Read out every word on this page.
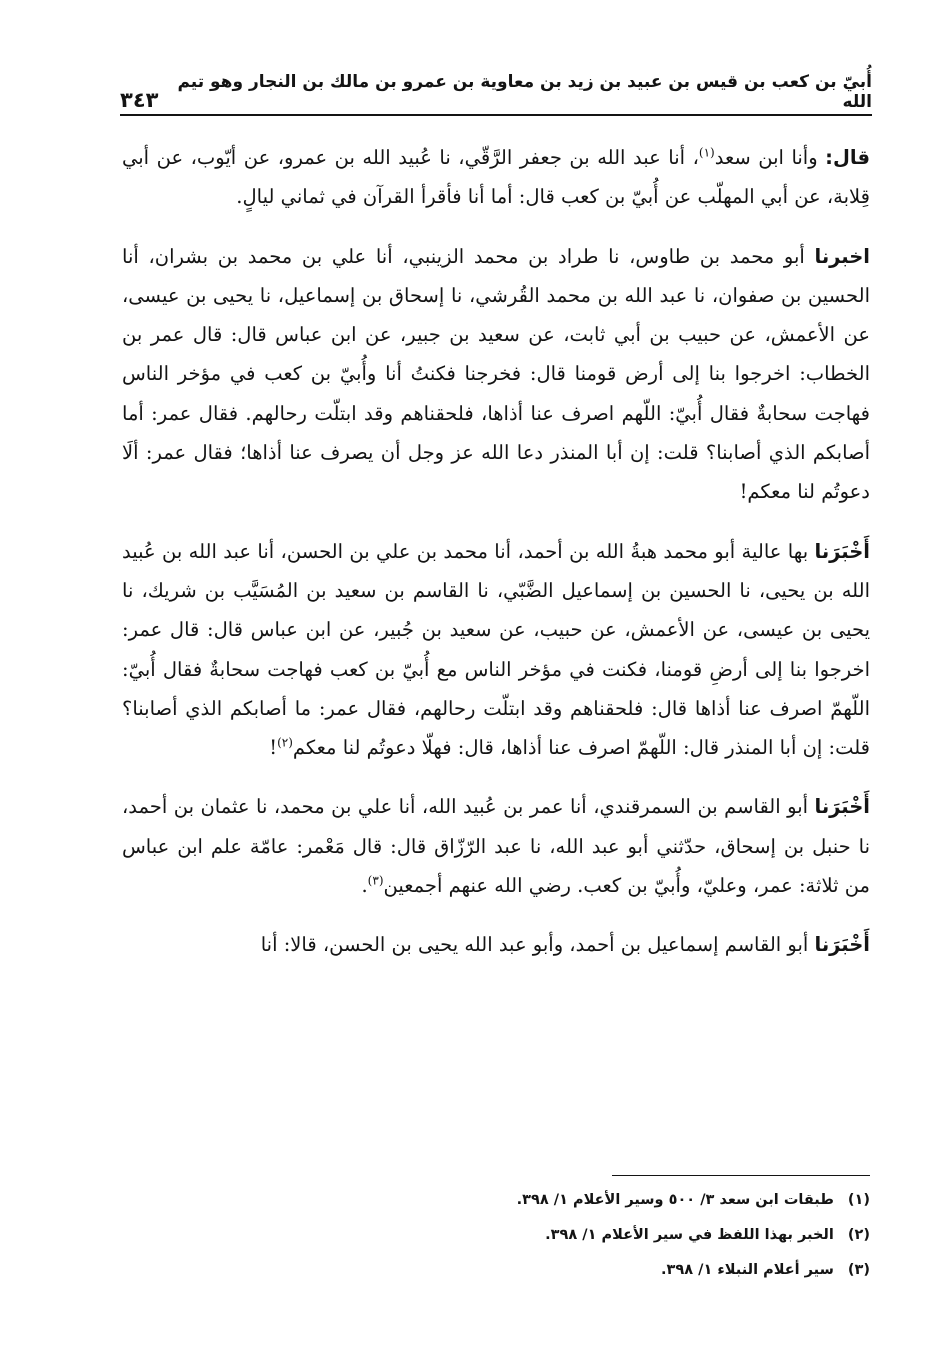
أُبيّ بن كعب بن قيس بن عبيد بن زيد بن معاوية بن عمرو بن مالك بن النجار وهو تيم الله
٣٤٣

قال: وأنا ابن سعد$^{(١)}$، أنا عبد الله بن جعفر الرَّقّي، نا عُبيد الله بن عمرو، عن أيّوب، عن أبي قِلابة، عن أبي المهلّب عن أُبيّ بن كعب قال: أما أنا فأقرأ القرآن في ثماني ليالٍ.

اخبرنا أبو محمد بن طاوس، نا طراد بن محمد الزينبي، أنا علي بن محمد بن بشران، أنا الحسين بن صفوان، نا عبد الله بن محمد القُرشي، نا إسحاق بن إسماعيل، نا يحيى بن عيسى، عن الأعمش، عن حبيب بن أبي ثابت، عن سعيد بن جبير، عن ابن عباس قال: قال عمر بن الخطاب: اخرجوا بنا إلى أرض قومنا قال: فخرجنا فكنتُ أنا وأُبيّ بن كعب في مؤخر الناس فهاجت سحابةٌ فقال أُبيّ: اللّهم اصرف عنا أذاها، فلحقناهم وقد ابتلّت رحالهم. فقال عمر: أما أصابكم الذي أصابنا؟ قلت: إن أبا المنذر دعا الله عز وجل أن يصرف عنا أذاها؛ فقال عمر: ألَا دعوتُم لنا معكم!

أَخْبَرَنا بها عالية أبو محمد هبةُ الله بن أحمد، أنا محمد بن علي بن الحسن، أنا عبد الله بن عُبيد الله بن يحيى، نا الحسين بن إسماعيل الضَّبّي، نا القاسم بن سعيد بن المُسَيَّب بن شريك، نا يحيى بن عيسى، عن الأعمش، عن حبيب، عن سعيد بن جُبير، عن ابن عباس قال: قال عمر: اخرجوا بنا إلى أرضِ قومنا، فكنت في مؤخر الناس مع أُبيّ بن كعب فهاجت سحابةٌ فقال أُبيّ: اللّهمّ اصرف عنا أذاها قال: فلحقناهم وقد ابتلّت رحالهم، فقال عمر: ما أصابكم الذي أصابنا؟ قلت: إن أبا المنذر قال: اللّهمّ اصرف عنا أذاها، قال: فهلّا دعوتُم لنا معكم$^{(٢)}$!

أَخْبَرَنا أبو القاسم بن السمرقندي، أنا عمر بن عُبيد الله، أنا علي بن محمد، نا عثمان بن أحمد، نا حنبل بن إسحاق، حدّثني أبو عبد الله، نا عبد الرّزّاق قال: قال مَعْمر: عامّة علم ابن عباس من ثلاثة: عمر، وعليّ، وأُبيّ بن كعب. رضي الله عنهم أجمعين$^{(٣)}$.

أَخْبَرَنا أبو القاسم إسماعيل بن أحمد، وأبو عبد الله يحيى بن الحسن، قالا: أنا

(١)
طبقات ابن سعد ٣/ ٥٠٠ وسير الأعلام ١/ ٣٩٨.
(٢)
الخبر بهذا اللفظ في سير الأعلام ١/ ٣٩٨.
(٣)
سير أعلام النبلاء ١/ ٣٩٨.
